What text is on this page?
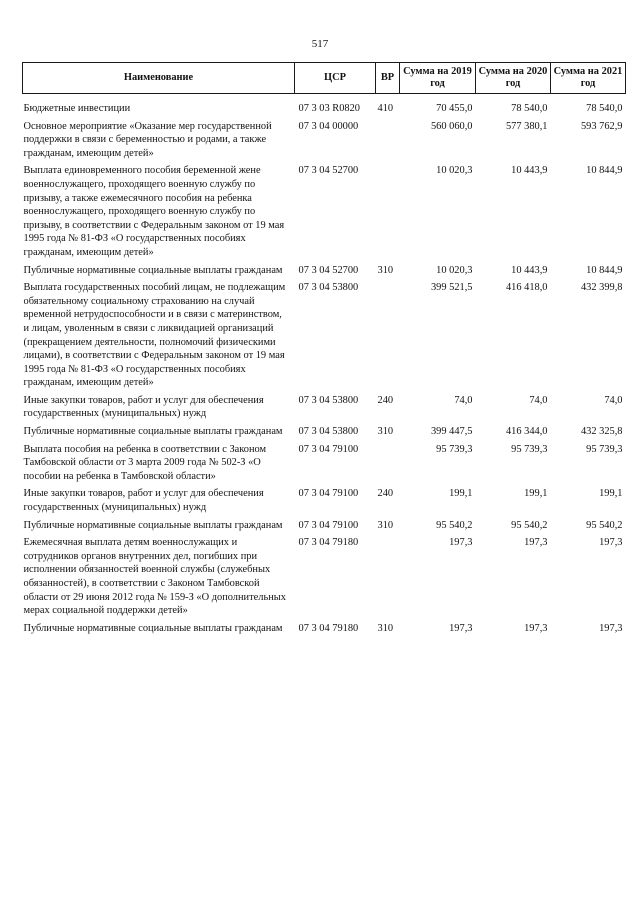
517
Наименование	ЦСР	ВР	Сумма на 2019 год	Сумма на 2020 год	Сумма на 2021 год
Бюджетные инвестиции	07 3 03 R0820	410	70 455,0	78 540,0	78 540,0
Основное мероприятие «Оказание мер государственной поддержки в связи с беременностью и родами, а также гражданам, имеющим детей»	07 3 04 00000		560 060,0	577 380,1	593 762,9
Выплата единовременного пособия беременной жене военнослужащего, проходящего военную службу по призыву, а также ежемесячного пособия на ребенка военнослужащего, проходящего военную службу по призыву, в соответствии с Федеральным законом от 19 мая 1995 года № 81-ФЗ «О государственных пособиях гражданам, имеющим детей»	07 3 04 52700		10 020,3	10 443,9	10 844,9
Публичные нормативные социальные выплаты гражданам	07 3 04 52700	310	10 020,3	10 443,9	10 844,9
Выплата государственных пособий лицам, не подлежащим обязательному социальному страхованию на случай временной нетрудоспособности и в связи с материнством, и лицам, уволенным в связи с ликвидацией организаций (прекращением деятельности, полномочий физическими лицами), в соответствии с Федеральным законом от 19 мая 1995 года № 81-ФЗ «О государственных пособиях гражданам, имеющим детей»	07 3 04 53800		399 521,5	416 418,0	432 399,8
Иные закупки товаров, работ и услуг для обеспечения государственных (муниципальных) нужд	07 3 04 53800	240	74,0	74,0	74,0
Публичные нормативные социальные выплаты гражданам	07 3 04 53800	310	399 447,5	416 344,0	432 325,8
Выплата пособия на ребенка в соответствии с Законом Тамбовской области от 3 марта 2009 года № 502-З «О пособии на ребенка в Тамбовской области»	07 3 04 79100		95 739,3	95 739,3	95 739,3
Иные закупки товаров, работ и услуг для обеспечения государственных (муниципальных) нужд	07 3 04 79100	240	199,1	199,1	199,1
Публичные нормативные социальные выплаты гражданам	07 3 04 79100	310	95 540,2	95 540,2	95 540,2
Ежемесячная выплата детям военнослужащих и сотрудников органов внутренних дел, погибших при исполнении обязанностей военной службы (служебных обязанностей), в соответствии с Законом Тамбовской области от 29 июня 2012 года № 159-З «О дополнительных мерах социальной поддержки детей»	07 3 04 79180		197,3	197,3	197,3
Публичные нормативные социальные выплаты гражданам	07 3 04 79180	310	197,3	197,3	197,3
